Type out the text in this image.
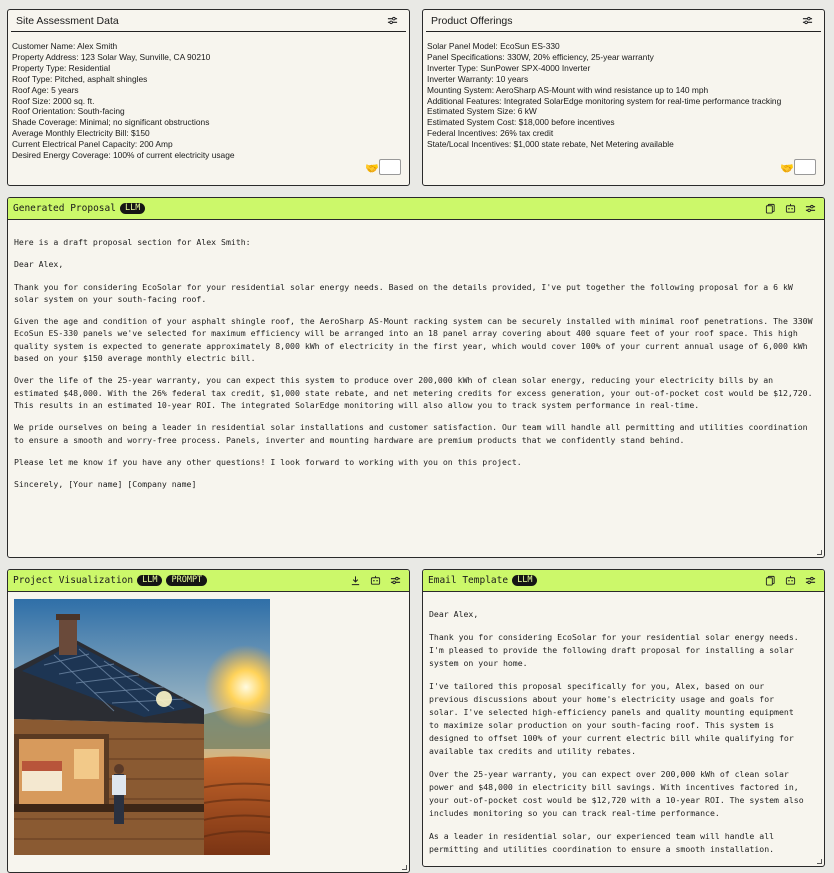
Site Assessment Data
Customer Name: Alex Smith
Property Address: 123 Solar Way, Sunville, CA 90210
Property Type: Residential
Roof Type: Pitched, asphalt shingles
Roof Age: 5 years
Roof Size: 2000 sq. ft.
Roof Orientation: South-facing
Shade Coverage: Minimal; no significant obstructions
Average Monthly Electricity Bill: $150
Current Electrical Panel Capacity: 200 Amp
Desired Energy Coverage: 100% of current electricity usage
🤝
Product Offerings
Solar Panel Model: EcoSun ES-330
Panel Specifications: 330W, 20% efficiency, 25-year warranty
Inverter Type: SunPower SPX-4000 Inverter
Inverter Warranty: 10 years
Mounting System: AeroSharp AS-Mount with wind resistance up to 140 mph
Additional Features: Integrated SolarEdge monitoring system for real-time performance tracking
Estimated System Size: 6 kW
Estimated System Cost: $18,000 before incentives
Federal Incentives: 26% tax credit
State/Local Incentives: $1,000 state rebate, Net Metering available
🤝
Generated Proposal	LLM

Here is a draft proposal section for Alex Smith:

Dear Alex,

Thank you for considering EcoSolar for your residential solar energy needs. Based on the details provided, I've put together the following proposal for a 6 kW solar system on your south-facing roof.

Given the age and condition of your asphalt shingle roof, the AeroSharp AS-Mount racking system can be securely installed with minimal roof penetrations. The 330W EcoSun ES-330 panels we've selected for maximum efficiency will be arranged into an 18 panel array covering about 400 square feet of your roof space. This high quality system is expected to generate approximately 8,000 kWh of electricity in the first year, which would cover 100% of your current annual usage of 6,000 kWh based on your $150 average monthly electric bill.

Over the life of the 25-year warranty, you can expect this system to produce over 200,000 kWh of clean solar energy, reducing your electricity bills by an estimated $48,000. With the 26% federal tax credit, $1,000 state rebate, and net metering credits for excess generation, your out-of-pocket cost would be $12,720. This results in an estimated 10-year ROI. The integrated SolarEdge monitoring will also allow you to track system performance in real-time.

We pride ourselves on being a leader in residential solar installations and customer satisfaction. Our team will handle all permitting and utilities coordination to ensure a smooth and worry-free process. Panels, inverter and mounting hardware are premium products that we confidently stand behind.

Please let me know if you have any other questions! I look forward to working with you on this project.

Sincerely, [Your name] [Company name]

Project Visualization	LLM	PROMPT	Email Template	LLM

Dear Alex,

Thank you for considering EcoSolar for your residential solar energy needs. I'm pleased to provide the following draft proposal for installing a solar system on your home.

I've tailored this proposal specifically for you, Alex, based on our previous discussions about your home's electricity usage and goals for solar. I've selected high-efficiency panels and quality mounting equipment to maximize solar production on your south-facing roof. This system is designed to offset 100% of your current electric bill while qualifying for available tax credits and utility rebates.

Over the 25-year warranty, you can expect over 200,000 kWh of clean solar power and $48,000 in electricity bill savings. With incentives factored in, your out-of-pocket cost would be $12,720 with a 10-year ROI. The system also includes monitoring so you can track real-time performance.

As a leader in residential solar, our experienced team will handle all permitting and utilities coordination to ensure a smooth installation.
